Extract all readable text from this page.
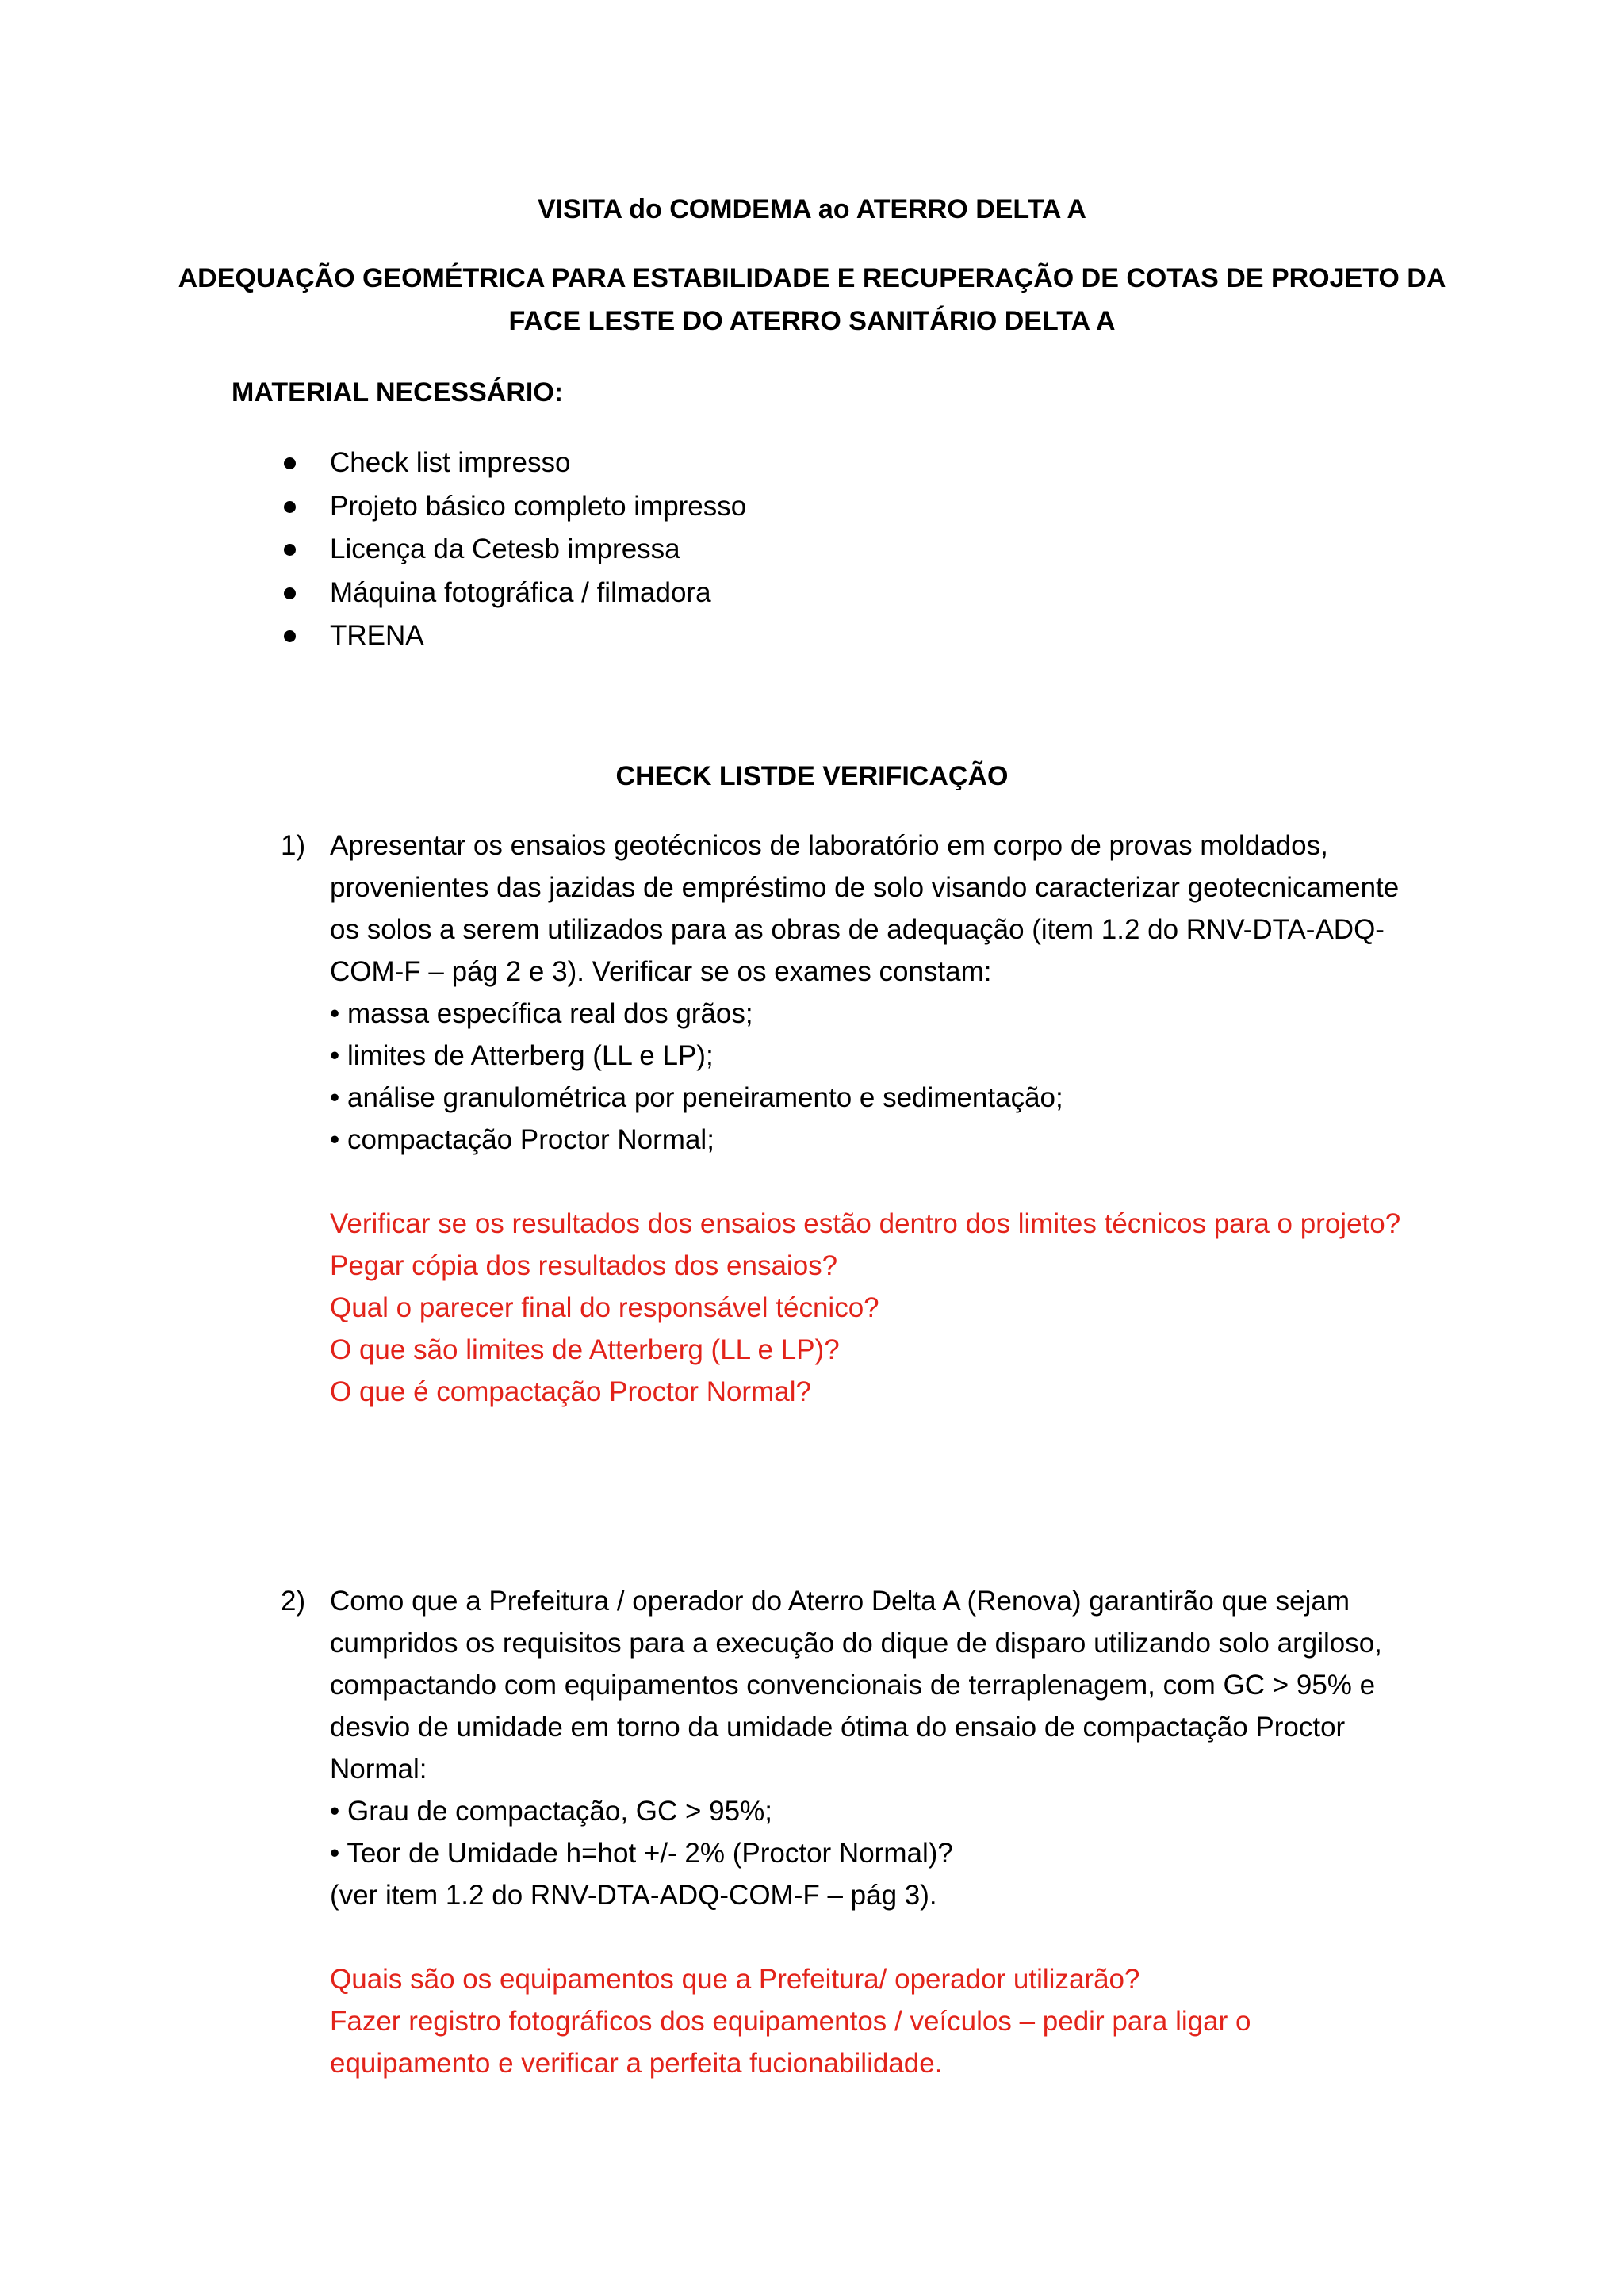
VISITA do COMDEMA ao ATERRO DELTA A
ADEQUAÇÃO GEOMÉTRICA PARA ESTABILIDADE E RECUPERAÇÃO DE COTAS DE PROJETO DA
FACE LESTE DO ATERRO SANITÁRIO DELTA A
MATERIAL NECESSÁRIO:
Check list impresso
Projeto básico completo impresso
Licença da Cetesb impressa
Máquina fotográfica / filmadora
TRENA
CHECK LISTDE VERIFICAÇÃO
1) Apresentar os ensaios geotécnicos de laboratório em corpo de provas moldados,
provenientes das jazidas de empréstimo de solo visando caracterizar geotecnicamente
os solos a serem utilizados para as obras de adequação (item 1.2 do RNV-DTA-ADQ-
COM-F – pág 2 e 3). Verificar se os exames constam:
• massa específica real dos grãos;
• limites de Atterberg (LL e LP);
• análise granulométrica por peneiramento e sedimentação;
• compactação Proctor Normal;
Verificar se os resultados dos ensaios estão dentro dos limites técnicos para o projeto?
Pegar cópia dos resultados dos ensaios?
Qual o parecer final do responsável técnico?
O que são limites de Atterberg (LL e LP)?
O que é compactação Proctor Normal?
2) Como que a Prefeitura / operador do Aterro Delta A (Renova) garantirão que sejam
cumpridos os requisitos para a execução do dique de disparo utilizando solo argiloso,
compactando com equipamentos convencionais de terraplenagem, com GC > 95% e
desvio de umidade em torno da umidade ótima do ensaio de compactação Proctor
Normal:
• Grau de compactação, GC > 95%;
• Teor de Umidade h=hot +/- 2% (Proctor Normal)?
(ver item 1.2 do RNV-DTA-ADQ-COM-F – pág 3).
Quais são os equipamentos que a Prefeitura/ operador utilizarão?
Fazer registro fotográficos dos equipamentos / veículos – pedir para ligar o
equipamento e verificar a perfeita fucionabilidade.
